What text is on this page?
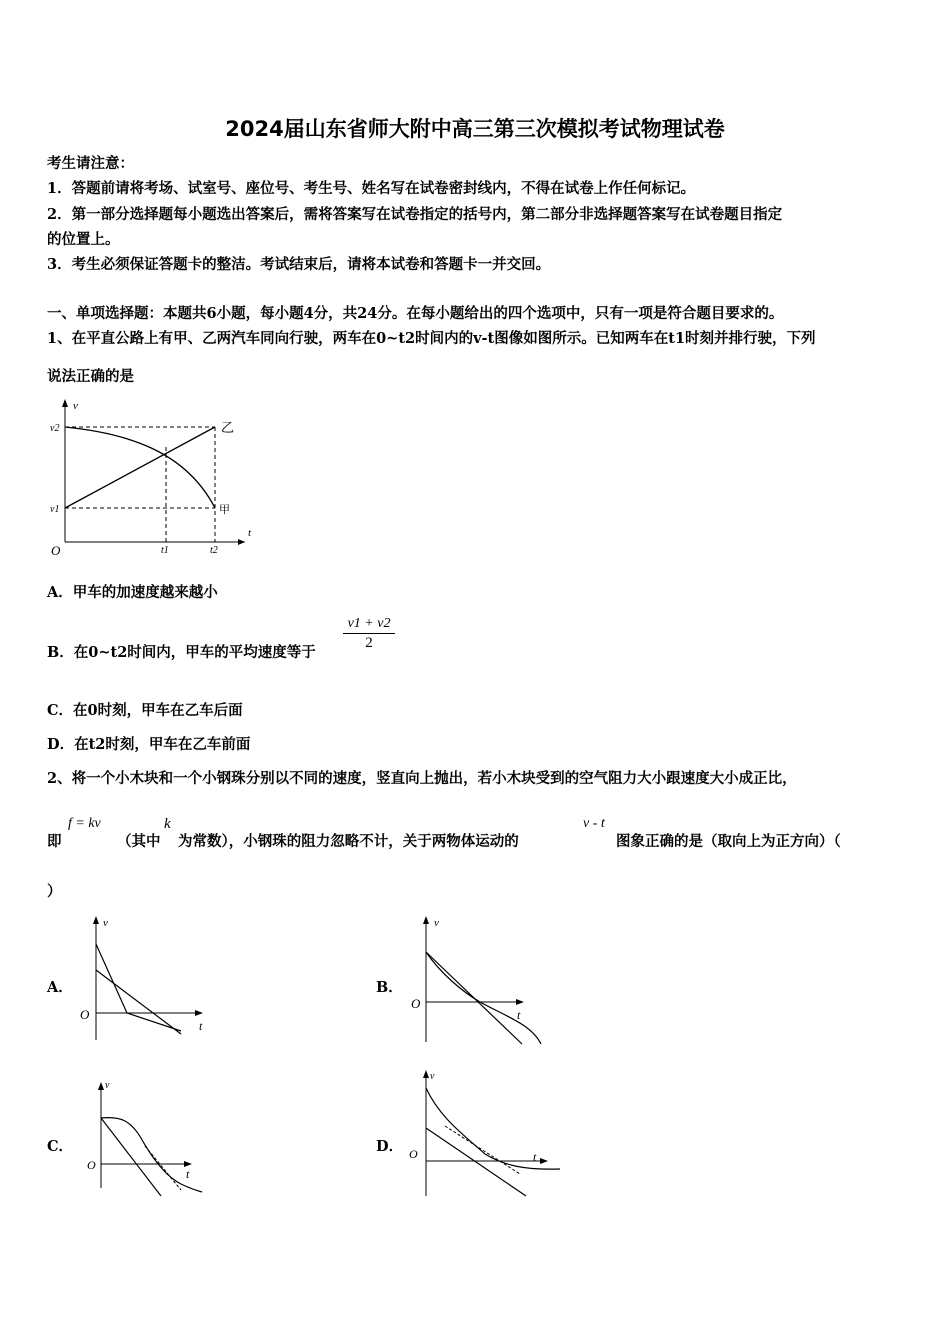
2024届山东省师大附中高三第三次模拟考试物理试卷
考生请注意：
1．答题前请将考场、试室号、座位号、考生号、姓名写在试卷密封线内，不得在试卷上作任何标记。
2．第一部分选择题每小题选出答案后，需将答案写在试卷指定的括号内，第二部分非选择题答案写在试卷题目指定
的位置上。
3．考生必须保证答题卡的整洁。考试结束后，请将本试卷和答题卡一并交回。
一、单项选择题：本题共6小题，每小题4分，共24分。在每小题给出的四个选项中，只有一项是符合题目要求的。
1、在平直公路上有甲、乙两汽车同向行驶，两车在0~t2时间内的v-t图像如图所示。已知两车在t1时刻并排行驶，下列
说法正确的是
v
t
O
v2
v1
t1	t2
乙
甲
A．甲车的加速度越来越小
B．在0~t2时间内，甲车的平均速度等于
v1 + v2
2
C．在0时刻，甲车在乙车后面
D．在t2时刻，甲车在乙车前面
2、将一个小木块和一个小钢珠分别以不同的速度，竖直向上抛出，若小木块受到的空气阻力大小跟速度大小成正比，
即
f = kv
（其中
k
为常数），小钢珠的阻力忽略不计，关于两物体运动的
v - t
图象正确的是（取向上为正方向）（
）
A．
v
t
O
B．
v
t
O
C．
v
t
O
D．
v
t
O
